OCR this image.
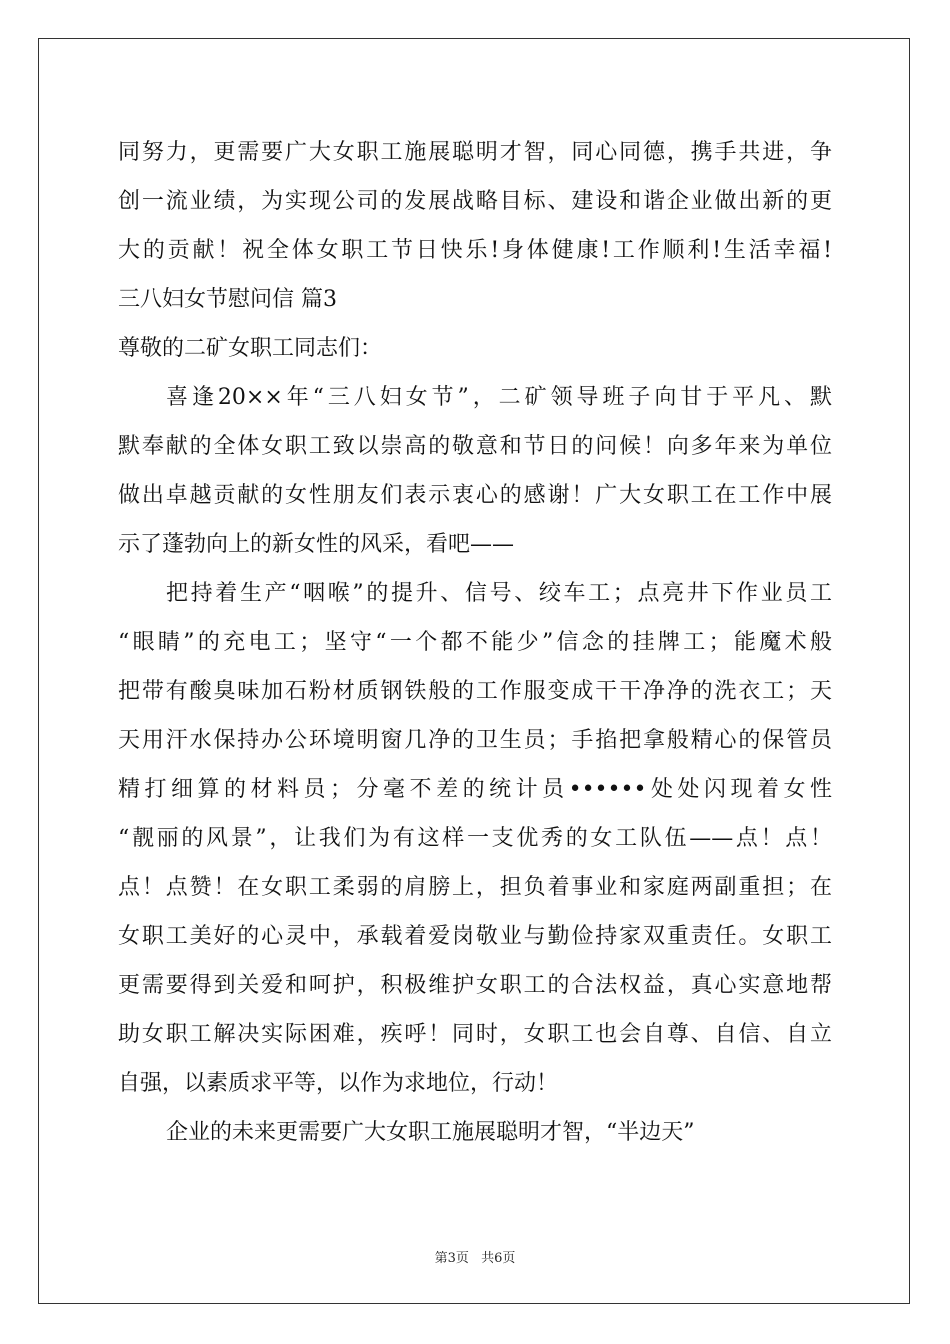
同努力，更需要广大女职工施展聪明才智，同心同德，携手共进，争
创一流业绩，为实现公司的发展战略目标、建设和谐企业做出新的更
大的贡献！祝全体女职工节日快乐!身体健康!工作顺利!生活幸福!
三八妇女节慰问信 篇3
尊敬的二矿女职工同志们：
喜逢20××年“三八妇女节”，二矿领导班子向甘于平凡、默
默奉献的全体女职工致以崇高的敬意和节日的问候！向多年来为单位
做出卓越贡献的女性朋友们表示衷心的感谢！广大女职工在工作中展
示了蓬勃向上的新女性的风采，看吧——
把持着生产“咽喉”的提升、信号、绞车工；点亮井下作业员工
“眼睛”的充电工；坚守“一个都不能少”信念的挂牌工；能魔术般
把带有酸臭味加石粉材质钢铁般的工作服变成干干净净的洗衣工；天
天用汗水保持办公环境明窗几净的卫生员；手掐把拿般精心的保管员
精打细算的材料员；分毫不差的统计员••••••处处闪现着女性
“靓丽的风景”，让我们为有这样一支优秀的女工队伍——点！点！
点！点赞！在女职工柔弱的肩膀上，担负着事业和家庭两副重担；在
女职工美好的心灵中，承载着爱岗敬业与勤俭持家双重责任。女职工
更需要得到关爱和呵护，积极维护女职工的合法权益，真心实意地帮
助女职工解决实际困难，疾呼！同时，女职工也会自尊、自信、自立
自强，以素质求平等，以作为求地位，行动！
企业的未来更需要广大女职工施展聪明才智，“半边天”
第3页 共6页
